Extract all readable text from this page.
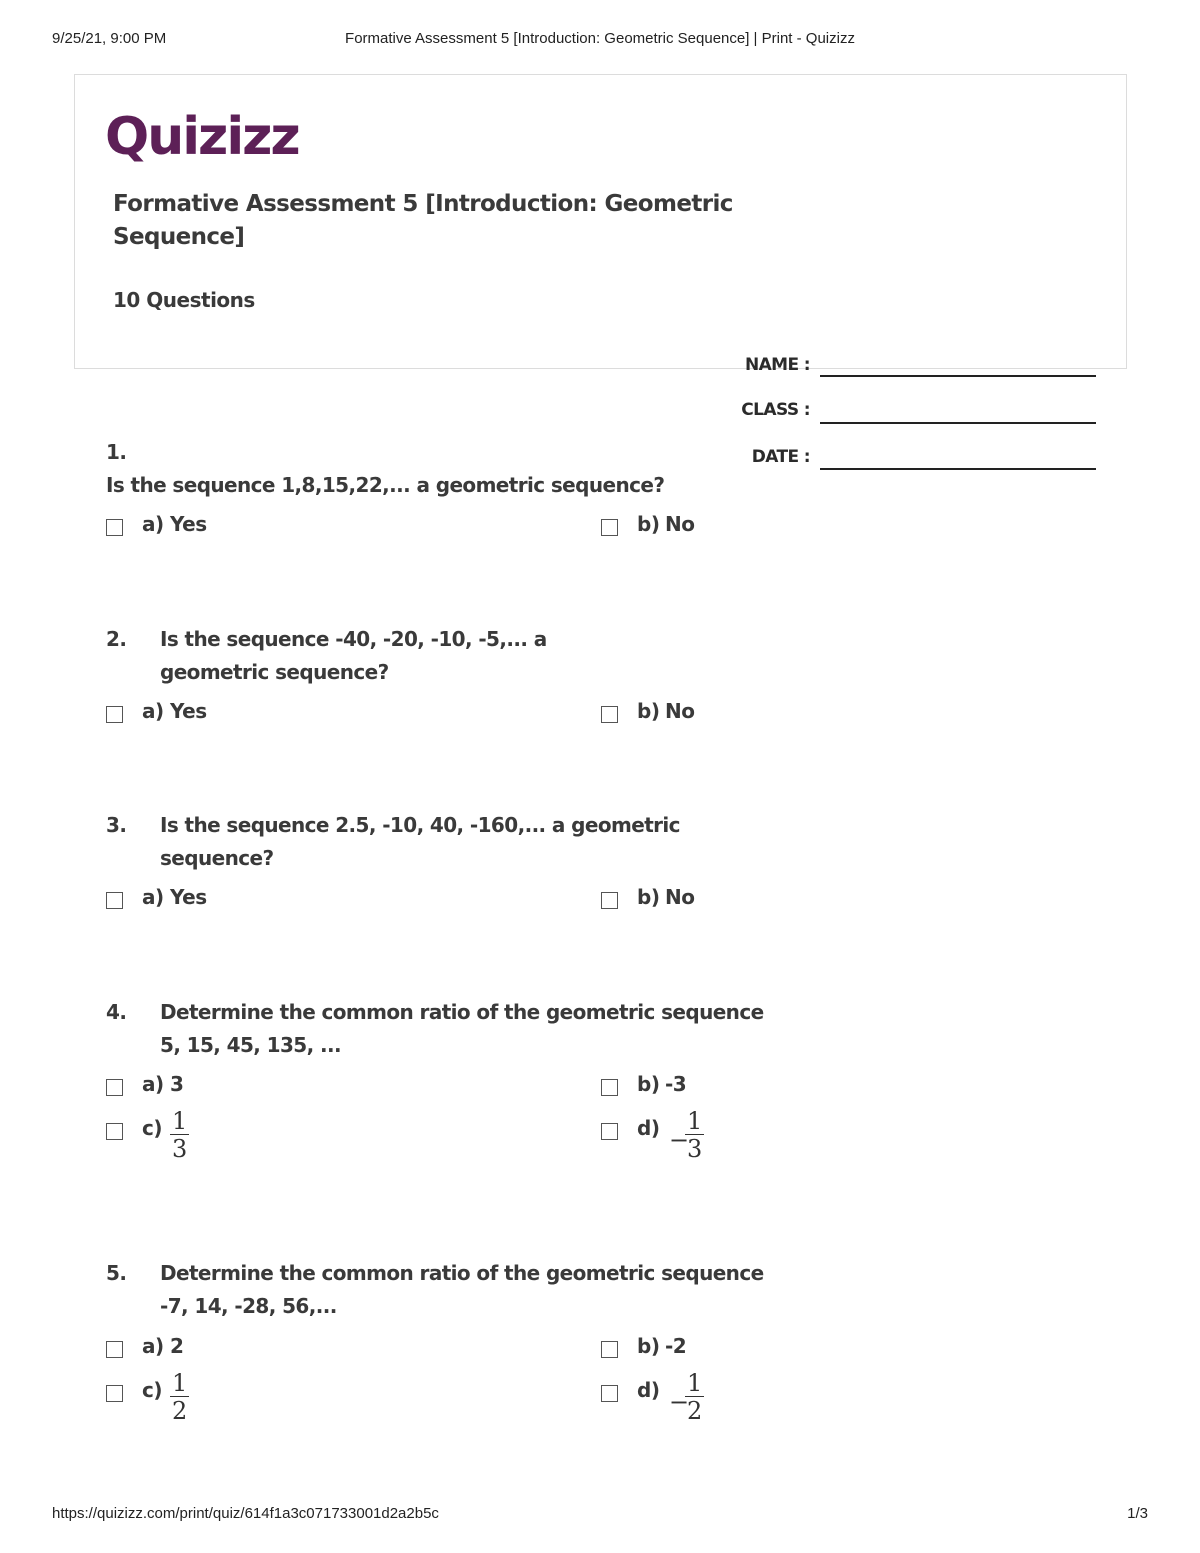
9/25/21, 9:00 PM	Formative Assessment 5 [Introduction: Geometric Sequence] | Print - Quizizz
Quizizz
Formative Assessment 5 [Introduction: Geometric Sequence]
10 Questions
NAME :
CLASS :
DATE :
1.
Is the sequence 1,8,15,22,... a geometric sequence?
a) Yes	b) No
2. Is the sequence -40, -20, -10, -5,... a geometric sequence?
a) Yes	b) No
3. Is the sequence 2.5, -10, 40, -160,... a geometric sequence?
a) Yes	b) No
4. Determine the common ratio of the geometric sequence 5, 15, 45, 135, ...
a) 3	b) -3
c) 1
3
d) −
1
3
5. Determine the common ratio of the geometric sequence -7, 14, -28, 56,...
a) 2	b) -2
c) 1
2
d) −
1
2
https://quizizz.com/print/quiz/614f1a3c071733001d2a2b5c	1/3
